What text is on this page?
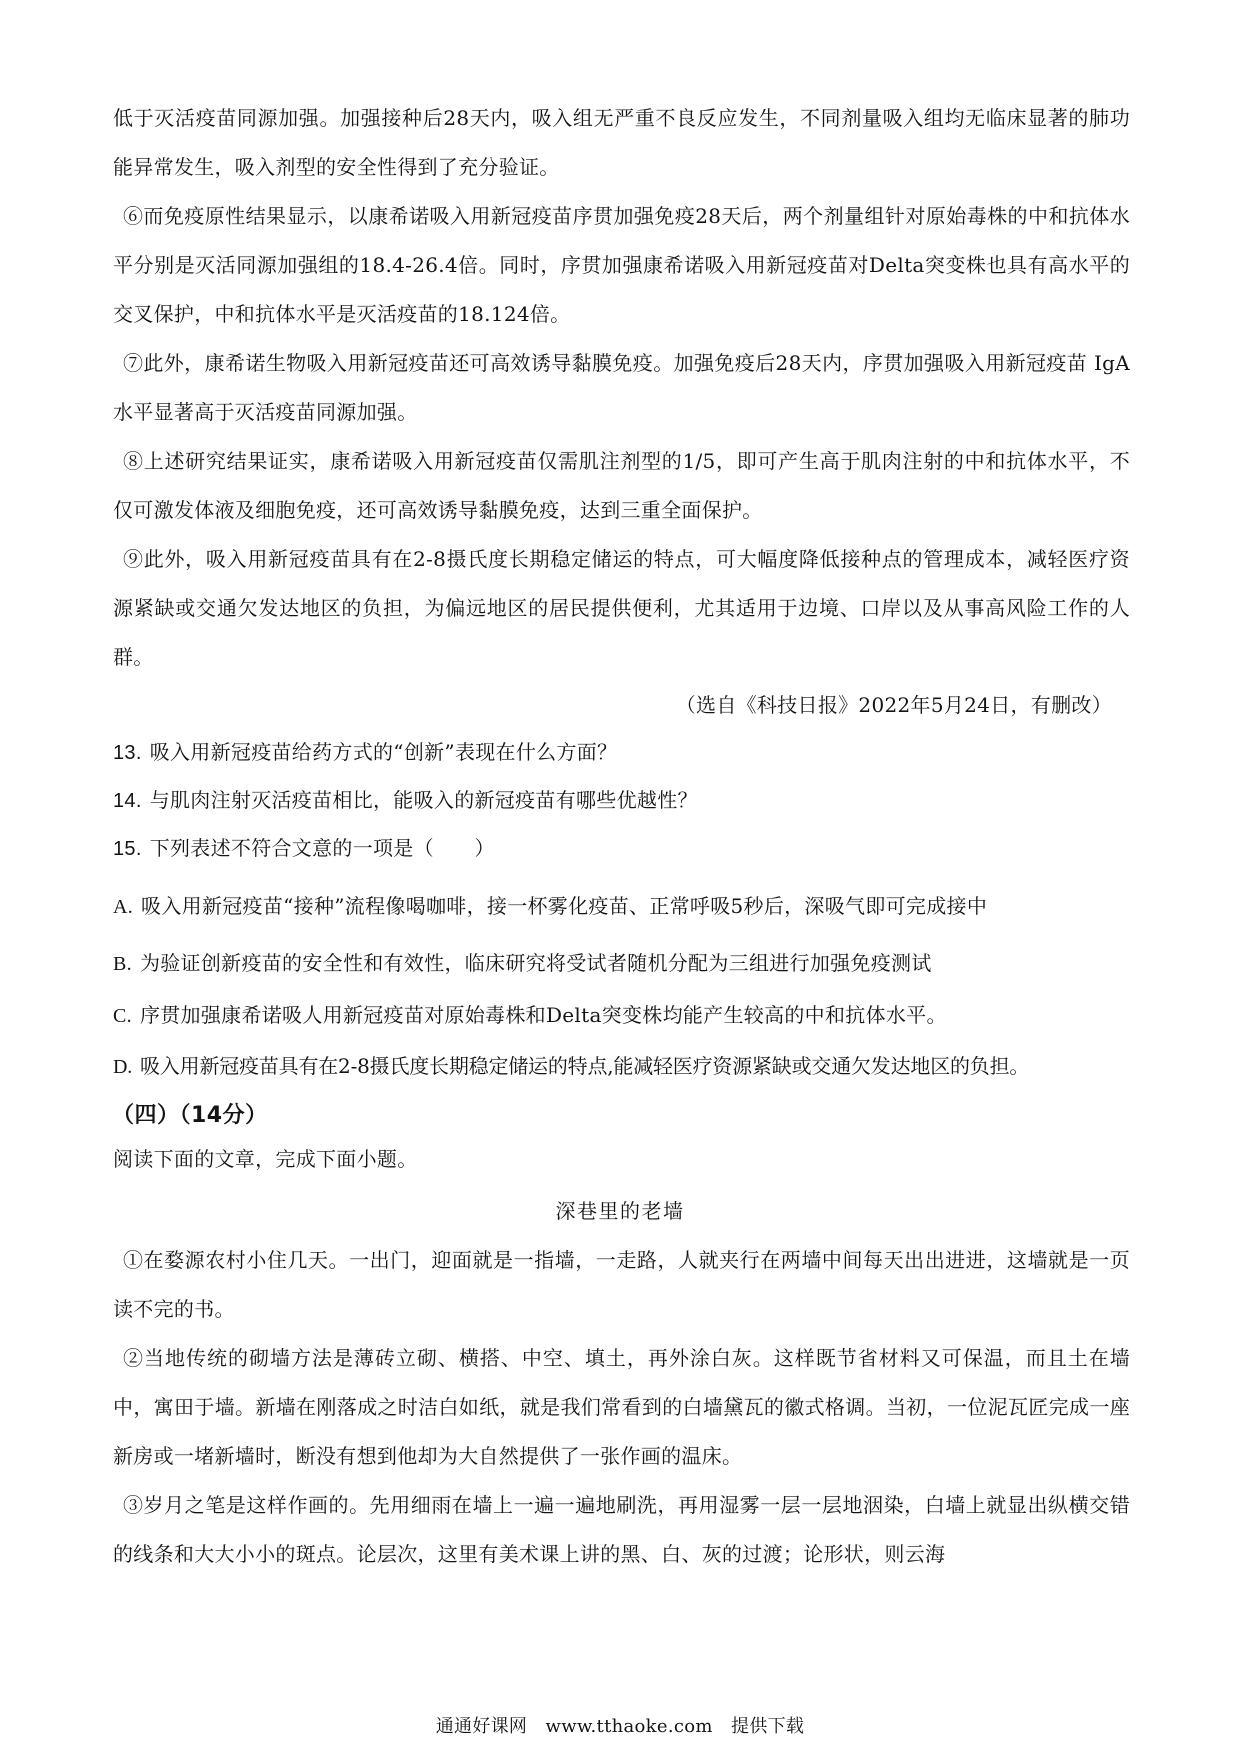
低于灭活疫苗同源加强。加强接种后28天内，吸入组无严重不良反应发生，不同剂量吸入组均无临床显著的肺功能异常发生，吸入剂型的安全性得到了充分验证。

⑥而免疫原性结果显示，以康希诺吸入用新冠疫苗序贯加强免疫28天后，两个剂量组针对原始毒株的中和抗体水平分别是灭活同源加强组的18.4-26.4倍。同时，序贯加强康希诺吸入用新冠疫苗对Delta突变株也具有高水平的交叉保护，中和抗体水平是灭活疫苗的18.124倍。

⑦此外，康希诺生物吸入用新冠疫苗还可高效诱导黏膜免疫。加强免疫后28天内，序贯加强吸入用新冠疫苗 IgA 水平显著高于灭活疫苗同源加强。

⑧上述研究结果证实，康希诺吸入用新冠疫苗仅需肌注剂型的1/5，即可产生高于肌肉注射的中和抗体水平，不仅可激发体液及细胞免疫，还可高效诱导黏膜免疫，达到三重全面保护。

⑨此外，吸入用新冠疫苗具有在2-8摄氏度长期稳定储运的特点，可大幅度降低接种点的管理成本，减轻医疗资源紧缺或交通欠发达地区的负担，为偏远地区的居民提供便利，尤其适用于边境、口岸以及从事高风险工作的人群。

（选自《科技日报》2022年5月24日，有删改）
13. 吸入用新冠疫苗给药方式的“创新”表现在什么方面？
14. 与肌肉注射灭活疫苗相比，能吸入的新冠疫苗有哪些优越性？
15. 下列表述不符合文意的一项是（　　）
A. 吸入用新冠疫苗“接种”流程像喝咖啡，接一杯雾化疫苗、正常呼吸5秒后，深吸气即可完成接中
B. 为验证创新疫苗的安全性和有效性，临床研究将受试者随机分配为三组进行加强免疫测试
C. 序贯加强康希诺吸人用新冠疫苗对原始毒株和Delta突变株均能产生较高的中和抗体水平。
D. 吸入用新冠疫苗具有在2-8摄氏度长期稳定储运的特点,能减轻医疗资源紧缺或交通欠发达地区的负担。
（四）（14分）
阅读下面的文章，完成下面小题。
深巷里的老墙

①在婺源农村小住几天。一出门，迎面就是一指墙，一走路，人就夹行在两墙中间每天出出进进，这墙就是一页读不完的书。

②当地传统的砌墙方法是薄砖立砌、横搭、中空、填土，再外涂白灰。这样既节省材料又可保温，而且土在墙中，寓田于墙。新墙在刚落成之时洁白如纸，就是我们常看到的白墙黛瓦的徽式格调。当初，一位泥瓦匠完成一座新房或一堵新墙时，断没有想到他却为大自然提供了一张作画的温床。

③岁月之笔是这样作画的。先用细雨在墙上一遍一遍地刷洗，再用湿雾一层一层地洇染，白墙上就显出纵横交错的线条和大大小小的斑点。论层次，这里有美术课上讲的黑、白、灰的过渡；论形状，则云海

通通好课网　www.tthaoke.com　提供下载
